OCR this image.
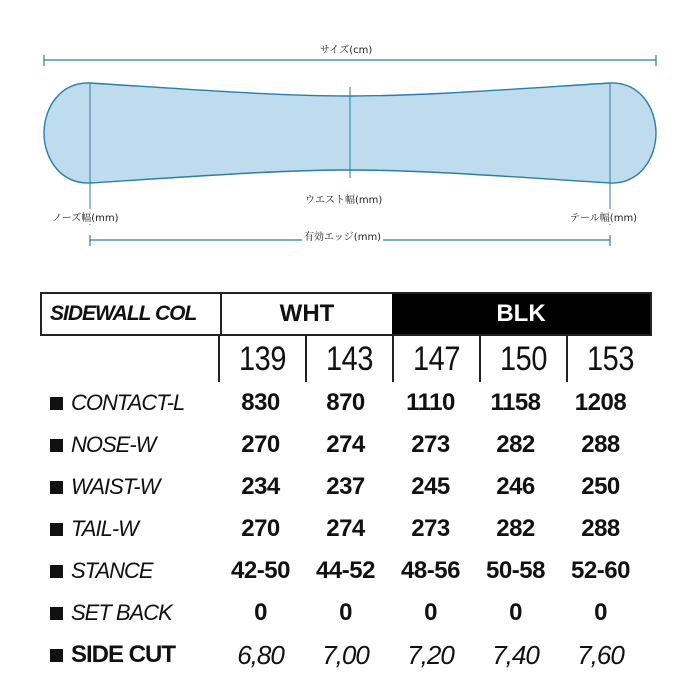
サイズ(cm)
ウエスト幅(mm)
ノーズ幅(mm)	テール幅(mm)
有効エッジ(mm)
SIDEWALL COL	WHT	BLK
139	143	147	150	153
CONTACT-L	830	870	1110	1158	1208
NOSE-W	270	274	273	282	288
WAIST-W	234	237	245	246	250
TAIL-W	270	274	273	282	288
STANCE	42-50	44-52	48-56	50-58	52-60
SET BACK	0	0	0	0	0
SIDE CUT	6,80	7,00	7,20	7,40	7,60
